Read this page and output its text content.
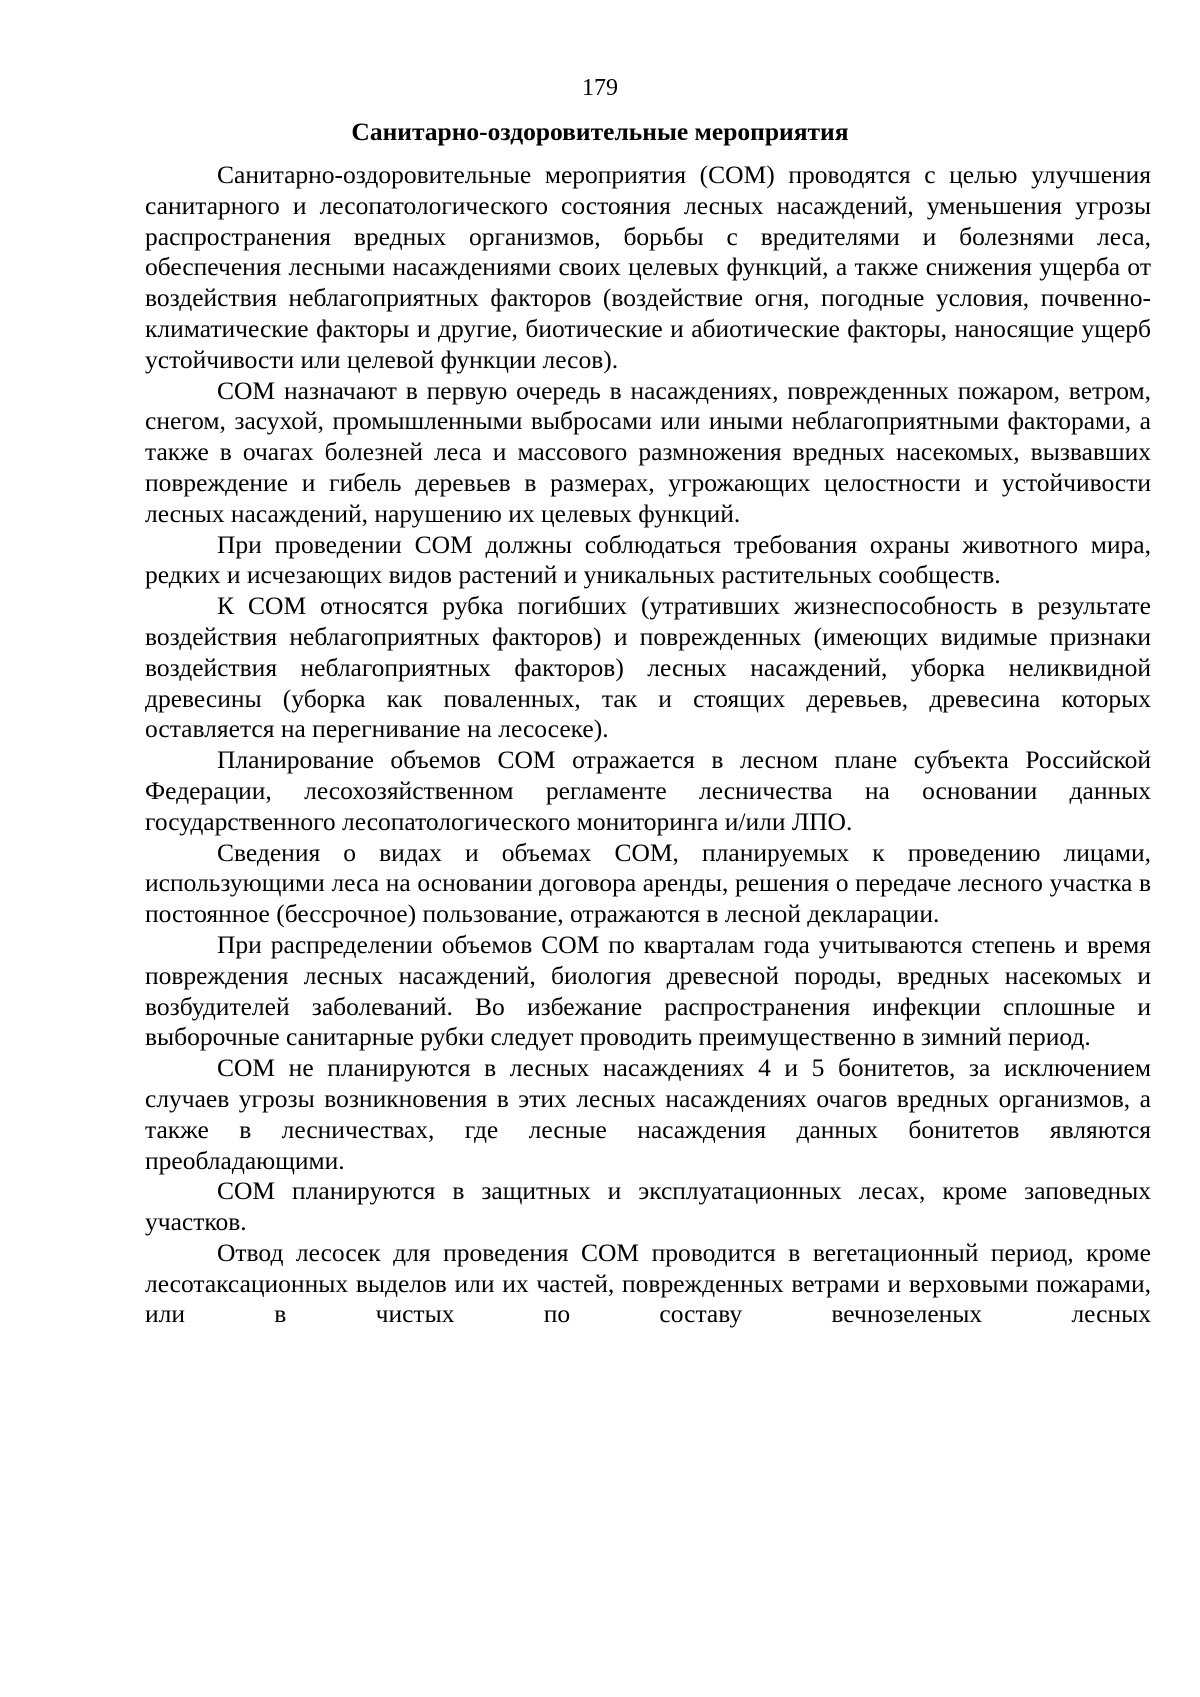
179
Санитарно-оздоровительные мероприятия

Санитарно-оздоровительные мероприятия (СОМ) проводятся с целью улучшения санитарного и лесопатологического состояния лесных насаждений, уменьшения угрозы распространения вредных организмов, борьбы с вредителями и болезнями леса, обеспечения лесными насаждениями своих целевых функций, а также снижения ущерба от воздействия неблагоприятных факторов (воздействие огня, погодные условия, почвенно-климатические факторы и другие, биотические и абиотические факторы, наносящие ущерб устойчивости или целевой функции лесов).

СОМ назначают в первую очередь в насаждениях, поврежденных пожаром, ветром, снегом, засухой, промышленными выбросами или иными неблагоприятными факторами, а также в очагах болезней леса и массового размножения вредных насекомых, вызвавших повреждение и гибель деревьев в размерах, угрожающих целостности и устойчивости лесных насаждений, нарушению их целевых функций.

При проведении СОМ должны соблюдаться требования охраны животного мира, редких и исчезающих видов растений и уникальных растительных сообществ.

К СОМ относятся рубка погибших (утративших жизнеспособность в результате воздействия неблагоприятных факторов) и поврежденных (имеющих видимые признаки воздействия неблагоприятных факторов) лесных насаждений, уборка неликвидной древесины (уборка как поваленных, так и стоящих деревьев, древесина которых оставляется на перегнивание на лесосеке).

Планирование объемов СОМ отражается в лесном плане субъекта Российской Федерации, лесохозяйственном регламенте лесничества на основании данных государственного лесопатологического мониторинга и/или ЛПО.

Сведения о видах и объемах СОМ, планируемых к проведению лицами, использующими леса на основании договора аренды, решения о передаче лесного участка в постоянное (бессрочное) пользование, отражаются в лесной декларации.

При распределении объемов СОМ по кварталам года учитываются степень и время повреждения лесных насаждений, биология древесной породы, вредных насекомых и возбудителей заболеваний. Во избежание распространения инфекции сплошные и выборочные санитарные рубки следует проводить преимущественно в зимний период.

СОМ не планируются в лесных насаждениях 4 и 5 бонитетов, за исключением случаев угрозы возникновения в этих лесных насаждениях очагов вредных организмов, а также в лесничествах, где лесные насаждения данных бонитетов являются преобладающими.

СОМ планируются в защитных и эксплуатационных лесах, кроме заповедных участков.

Отвод лесосек для проведения СОМ проводится в вегетационный период, кроме лесотаксационных выделов или их частей, поврежденных ветрами и верховыми пожарами, или в чистых по составу вечнозеленых лесных
